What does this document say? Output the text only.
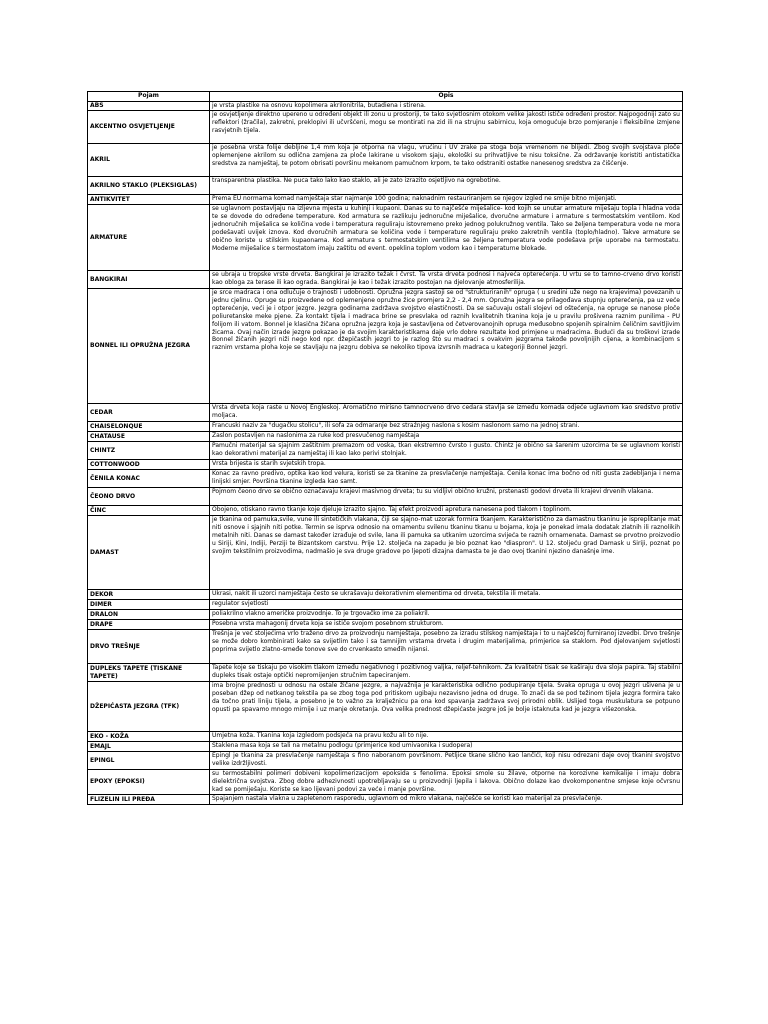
Pojam	Opis
ABS	je vrsta plastike na osnovu kopolimera akrilonitrila, butadiena i stirena.
AKCENTNO OSVJETLJENJE	je osvjetljenje direktno upereno u određeni objekt ili zonu u prostoriji, te tako svjetlosnim otokom velike jakosti ističe određeni prostor. Najpogodniji zato su reflektori (žračila), zakretni, preklopivi ili učvršćeni, mogu se montirati na zid ili na strujnu sabirnicu, koja omogućuje brzo pomjeranje i fleksibilne izmjene rasvjetnih tijela.
AKRIL	je posebna vrsta folije debljine 1,4 mm koja je otporna na vlagu, vrućinu i UV zrake pa stoga boja vremenom ne blijedi. Zbog svojih svojstava ploče oplemenjene akrilom su odlična zamjena za ploče lakirane u visokom sjaju, ekološki su prihvatljive te nisu toksične. Za održavanje koristiti antistatička sredstva za namještaj, te potom obrisati površinu mekanom pamučnom krpom, te tako odstraniti ostatke nanesenog sredstva za čišćenje.
AKRILNO STAKLO (PLEKSIGLAS)	transparentna plastika. Ne puca tako lako kao staklo, ali je zato izrazito osjetljivo na ogrebotine.
ANTIKVITET	Prema EU normama komad namještaja star najmanje 100 godina; naknadnim restauriranjem se njegov izgled ne smije bitno mijenjati.
ARMATURE	se uglavnom postavljaju na izljevna mjesta u kuhinji i kupaoni. Danas su to najčešće miješalice- kod kojih se unutar armature miješaju topla i hladna voda te se dovode do određene temperature. Kod armatura se razlikuju jednoručne miješalice, dvoručne armature i armature s termostatskim ventilom. Kod jednoručnih miješalica se količina vode i temperatura reguliraju istovremeno preko jednog polukružnog ventila. Tako se željena temperatura vode ne mora podešavati uvijek iznova. Kod dvoručnih armatura se količina vode i temperature reguliraju preko zakretnih ventila (toplo/hladno). Takve armature se obično koriste u stilskim kupaonama. Kod armatura s termostatskim ventilima se željena temperatura vode podešava prije uporabe na termostatu. Moderne miješalice s termostatom imaju zaštitu od event. opeklina toplom vodom kao i temperaturne blokade.
BANGKIRAI	se ubraja u tropske vrste drveta. Bangkirai je izrazito težak i čvrst. Ta vrsta drveta podnosi i najveća opterećenja. U vrtu se to tamno-crveno drvo koristi kao obloga za terase ili kao ograda. Bangkirai je kao i težak izrazito postojan na djelovanje atmosferilija.
BONNEL ILI OPRUŽNA JEZGRA	je srce madraca i ona odlučuje o trajnosti i udobnosti. Opružna jezgra sastoji se od "strukturiranih" opruga ( u sredini uže nego na krajevima) povezanih u jednu cjelinu. Opruge su proizvedene od oplemenjene opružne žice promjera 2,2 - 2,4 mm. Opružna jezgra se prilagođava stupnju opterećenja, pa uz veće opterećenje, veći je i otpor jezgre. Jezgra godinama zadržava svojstvo elastičnosti. Da se sačuvaju ostali slojevi od oštećenja, na opruge se nanose ploče poliuretanske meke pjene. Za kontakt tijela i madraca brine se presvlaka od raznih kvalitetnih tkanina koja je u pravilu prošivena raznim punilima - PU folijom ili vatom. Bonnel je klasična žičana opružna jezgra koja je sastavljena od četverovanojnih opruga međusobno spojenih spiralnim čeličnim savitljivim žicama. Ovaj način izrade jezgre pokazao je da svojim karakteristikama daje vrlo dobre rezultate kod primjene u madracima. Budući da su troškovi izrade Bonnel žičanih jezgri niži nego kod npr. džepičastih jezgri to je razlog što su madraci s ovakvim jezgrama takođe povoljnijih cijena, a kombinacijom s raznim vrstama ploha koje se stavljaju na jezgru dobiva se nekoliko tipova izvrsnih madraca u kategoriji Bonnel jezgri.
CEDAR	Vrsta drveta koja raste u Novoj Engleskoj. Aromatično mirisno tamnocrveno drvo cedara stavlja se između komada odjeće uglavnom kao sredstvo protiv moljaca.
CHAISELONQUE	Francuski naziv za "dugačku stolicu", ili sofa za odmaranje bez straźnjeg naslona s kosim naslonom samo na jednoj strani.
CHATAUSE	Zaslon postavljen na naslonima za ruke kod presvučenog namještaja
CHINTZ	Pamučni materijal sa sjajnim zaštitnim premazom od voska, tkan ekstremno čvrsto i gusto. Chintz je obično sa šarenim uzorcima te se uglavnom koristi kao dekorativni materijal za namještaj ili kao lako perivi stolnjak.
COTTONWOOD	Vrsta brijesta is starih svjetskih tropa.
ČENILA KONAC	Konac za ravno predivo, optika kao kod velura, koristi se za tkanine za presvlačenje namještaja. Čenila konac ima bočno od niti gusta zadebljanja i nema linijski smjer. Površina tkanine izgleda kao samt.
ČEONO DRVO	Pojmom čeono drvo se obično označavaju krajevi masivnog drveta; tu su vidljivi obično kružni, prstenasti godovi drveta ili krajevi drvenih vlakana.
ČINC	Obojeno, otiskano ravno tkanje koje djeluje izrazito sjajno. Taj efekt proizvodi apretura nanesena pod tlakom i toplinom.
DAMAST	je tkanina od pamuka,svile, vune ili sintetičkih vlakana, čiji se sjajno-mat uzorak formira tkanjem. Karakteristično za damastnu tkaninu je ispreplitanje mat niti osnove i sjajnih niti potke. Termin se isprva odnosio na ornamentu svilenu tkaninu tkanu u bojama, koja je ponekad imala dodatak zlatnih ili raznolikih metalnih niti. Danas se damast također izrađuje od svile, lana ili pamuka sa utkanim uzorcima svijeća te raznih ornamenata. Damast se prvotno proizvodio u Siriji, Kini, Indiji, Perziji te Bizantskom carstvu. Prije 12. stoljeća na zapadu je bio poznat kao "diaspron". U 12. stoljeću grad Damask u Siriji, poznat po svojim tekstilnim proizvodima, nadmašio je sva druge gradove po ljepoti dizajna damasta te je dao ovoj tkanini njezino današnje ime.
DEKOR	Ukrasi, nakit ili uzorci namještaja često se ukrašavaju dekorativnim elementima od drveta, tekstila ili metala.
DIMER	regulator svjetlosti
DRALON	poliakrilno vlakno američke proizvodnje. To je trgovačko ime za poliakril.
DRAPE	Posebna vrsta mahagonij drveta koja se ističe svojom posebnom strukturom.
DRVO TREŠNJE	Trešnja je već stoljećima vrlo traženo drvo za proizvodnju namještaja, posebno za izradu stilskog namještaja i to u najčešćoj furniranoj izvedbi. Drvo trešnje se može dobro kombinirati kako sa svijetlim tako i sa tamnijim vrstama drveta i drugim materijalima, primjerice sa staklom. Pod djelovanjem svjetlosti poprima svijetlo zlatno-smeđe tonove sve do crvenkasto smeđih nijansi.
DUPLEKS TAPETE (TISKANE TAPETE)	Tapete koje se tiskaju po visokim tlakom između negativnog i pozitivnog valjka, reljef-tehnikom. Za kvalitetni tisak se kaširaju dva sloja papira. Taj stabilni dupleks tisak ostaje optički nepromijenjen stručnim tapeciranjem.
DŽEPIĆASTA JEZGRA (TFK)	ima brojne prednosti u odnosu na ostale žičane jezgre, a najvažnija je karakteristika odlično podupiranje tijela. Svaka opruga u ovoj jezgri ušivena je u poseban džep od netkanog tekstila pa se zbog toga pod pritiskom ugibaju nezavisno jedna od druge. To znači da se pod težinom tijela jezgra formira tako da točno prati liniju tijela, a posebno je to važno za kralježnicu pa ona kod spavanja zadržava svoj prirodni oblik. Uslijed toga muskulatura se potpuno opusti pa spavamo mnogo mirnije i uz manje okretanja. Ova velika prednost džepićaste jezgre još je bolje istaknuta kad je jezgra višezonska.
EKO - KOŽA	Umjetna koža. Tkanina koja izgledom podsjeća na pravu kožu ali to nije.
EMAJL	Staklena masa koja se tali na metalnu podlogu (primjerice kod umivaonika i sudopera)
EPINGL	Epingl je tkanina za presvlačenje namještaja s fino naboranom površinom. Petljice tkane slično kao lančići, koji nisu odrezani daje ovoj tkanini svojstvo velike izdržljivosti.
EPOXY (EPOKSI)	su termostabilni polimeri dobiveni kopolimerizacijom epoksida s fenolima. Epoksi smole su žilave, otporne na korozivne kemikalije i imaju dobra dielektrična svojstva. Zbog dobre adhezivnosti upotrebljavaju se u proizvodnji ljepila i lakova. Obično dolaze kao dvokomponentne smjese koje očvrsnu kad se pomiješaju. Koriste se kao lijevani podovi za veće i manje površine.
FLIZELIN ILI PREĐA	Spajanjem nastala vlakna u zapletenom rasporedu, uglavnom od mikro vlakana, najčešće se koristi kao materijal za presvlačenje.
